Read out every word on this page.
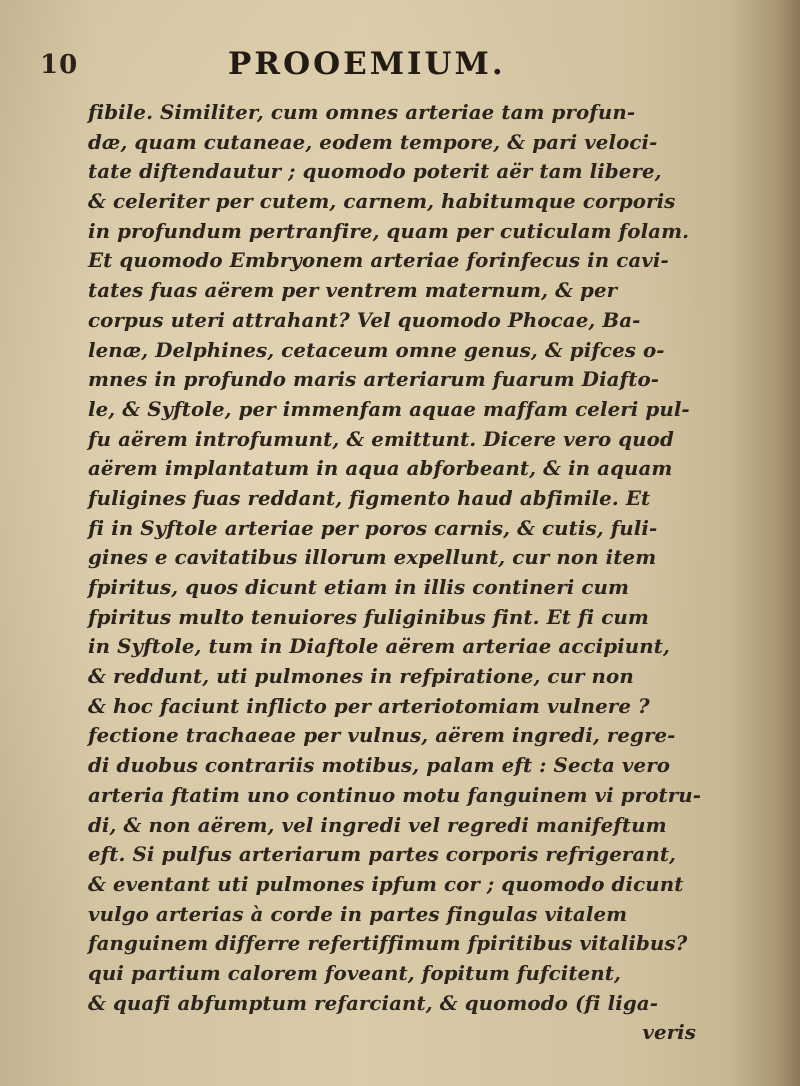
10	PROOEMIUM.
fibile. Similiter, cum omnes arteriae tam profun-
dæ, quam cutaneae, eodem tempore, & pari veloci-
tate diftendautur ; quomodo poterit aër tam libere,
& celeriter per cutem, carnem, habitumque corporis
in profundum pertranfire, quam per cuticulam folam.
Et quomodo Embryonem arteriae forinfecus in cavi-
tates fuas aërem per ventrem maternum, & per
corpus uteri attrahant? Vel quomodo Phocae, Ba-
lenæ, Delphines, cetaceum omne genus, & pifces o-
mnes in profundo maris arteriarum fuarum Diafto-
le, & Syftole, per immenfam aquae maffam celeri pul-
fu aërem introfumunt, & emittunt. Dicere vero quod
aërem implantatum in aqua abforbeant, & in aquam
fuligines fuas reddant, figmento haud abfimile. Et
fi in Syftole arteriae per poros carnis, & cutis, fuli-
gines e cavitatibus illorum expellunt, cur non item
fpiritus, quos dicunt etiam in illis contineri cum
fpiritus multo tenuiores fuliginibus fint. Et fi cum
in Syftole, tum in Diaftole aërem arteriae accipiunt,
& reddunt, uti pulmones in refpiratione, cur non
& hoc faciunt inflicto per arteriotomiam vulnere ?
fectione trachaeae per vulnus, aërem ingredi, regre-
di duobus contrariis motibus, palam eft : Secta vero
arteria ftatim uno continuo motu fanguinem vi protru-
di, & non aërem, vel ingredi vel regredi manifeftum
eft. Si pulfus arteriarum partes corporis refrigerant,
& eventant uti pulmones ipfum cor ; quomodo dicunt
vulgo arterias à corde in partes fingulas vitalem
fanguinem differre refertiffimum fpiritibus vitalibus?
qui partium calorem foveant, fopitum fufcitent,
& quafi abfumptum refarciant, & quomodo (fi liga-
veris
